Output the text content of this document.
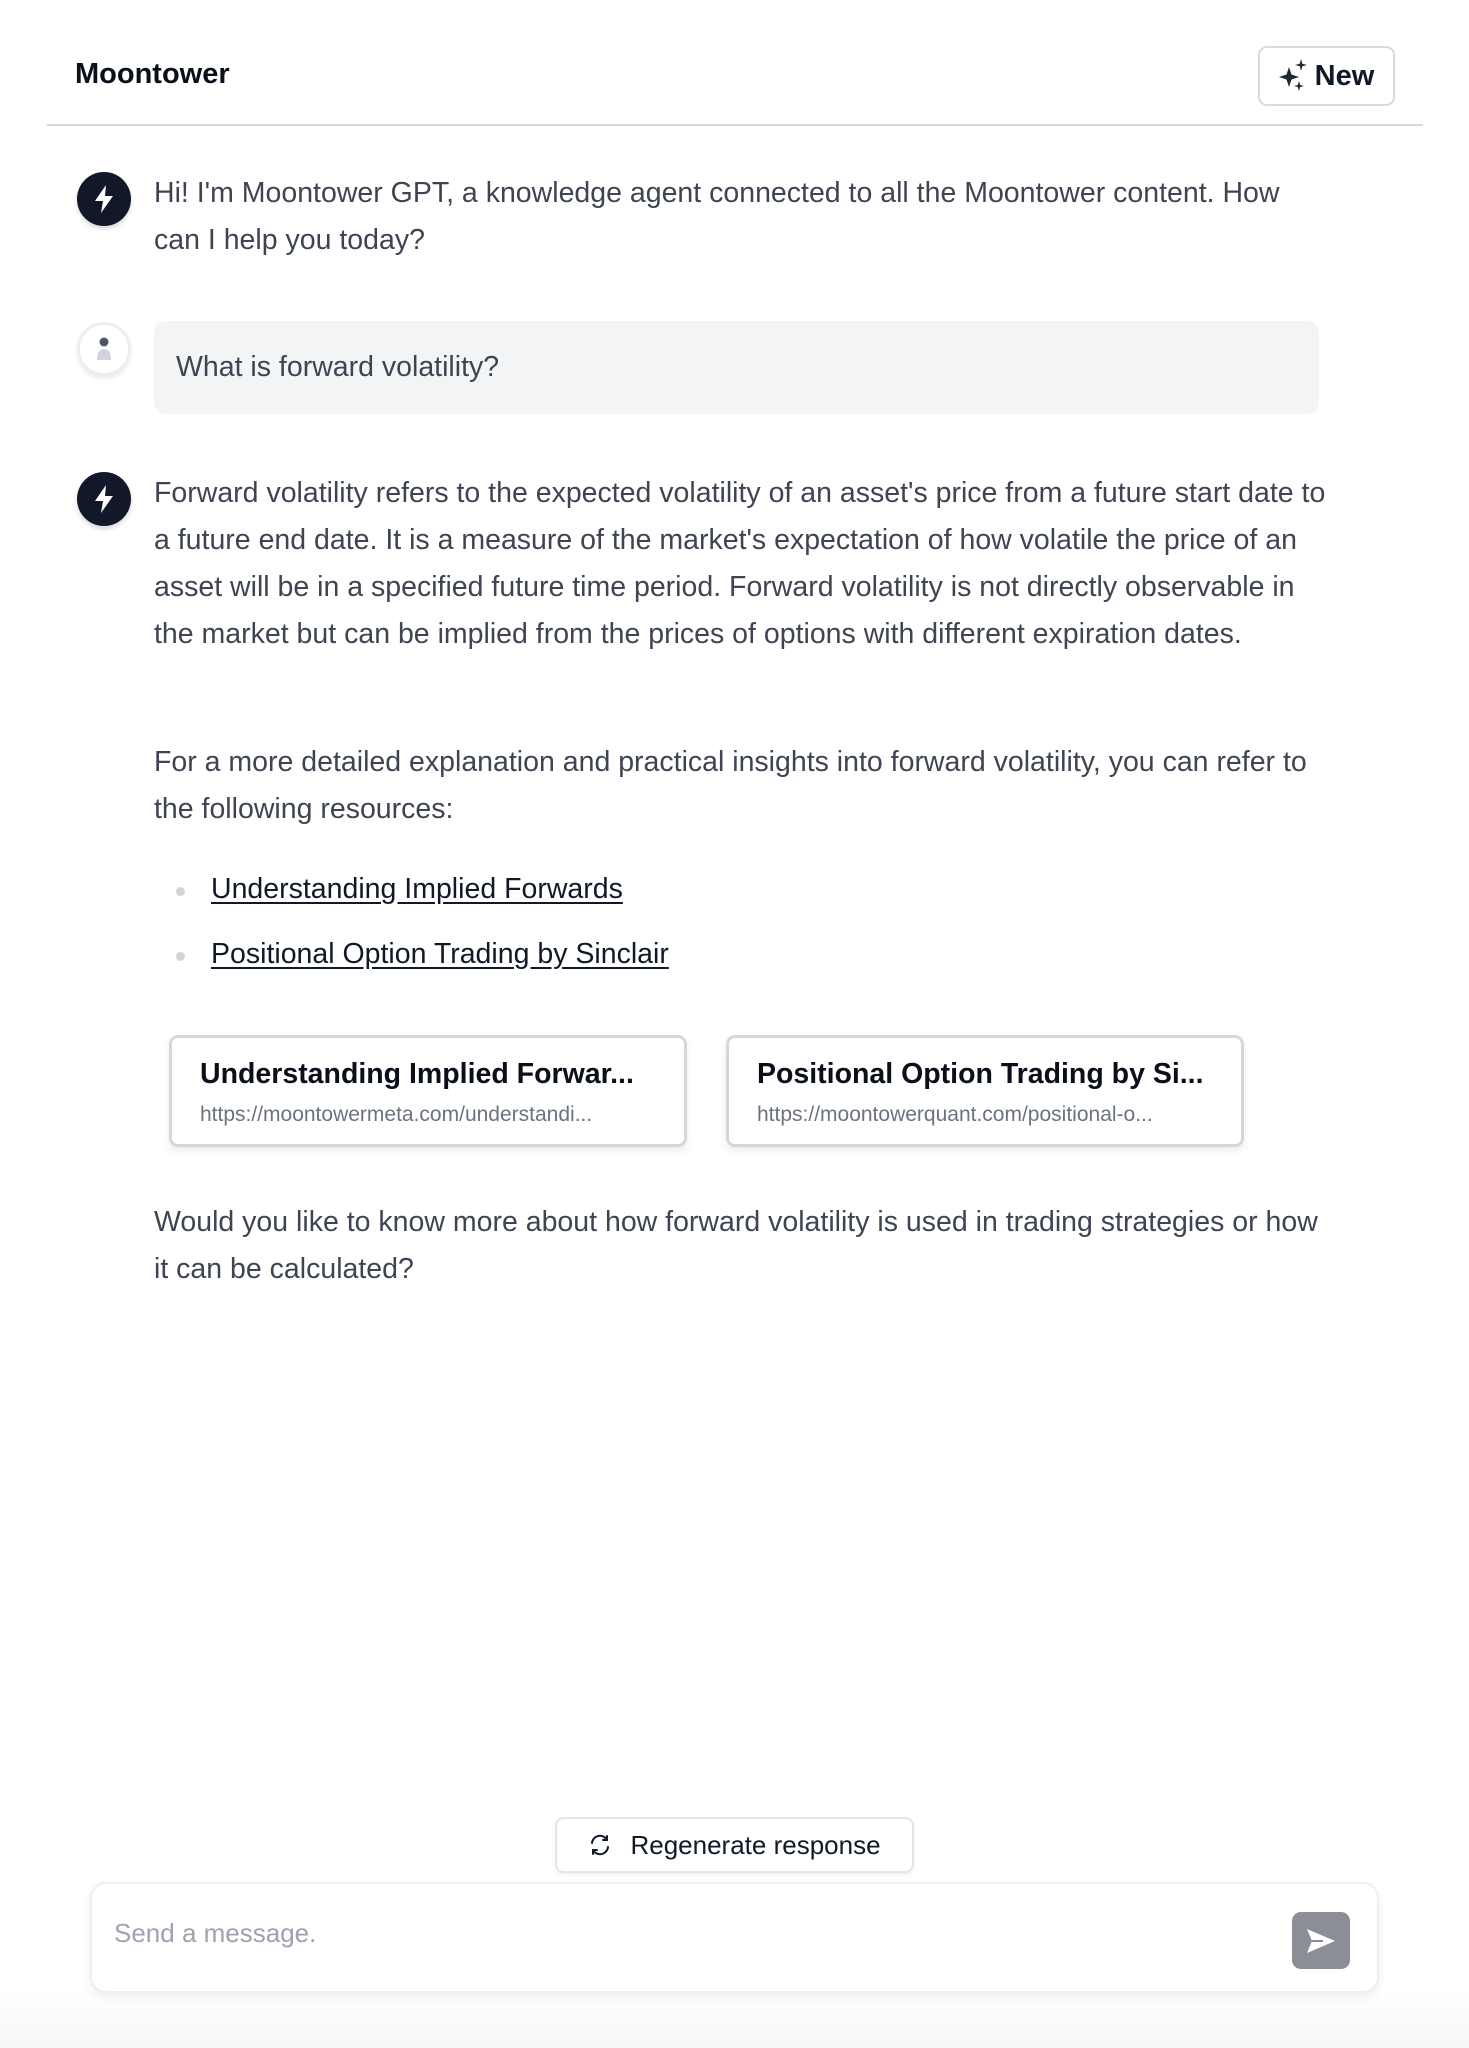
Moontower	New
Hi! I'm Moontower GPT, a knowledge agent connected to all the Moontower content. How can I help you today?
What is forward volatility?
Forward volatility refers to the expected volatility of an asset's price from a future start date to a future end date. It is a measure of the market's expectation of how volatile the price of an asset will be in a specified future time period. Forward volatility is not directly observable in the market but can be implied from the prices of options with different expiration dates.
For a more detailed explanation and practical insights into forward volatility, you can refer to the following resources:
Understanding Implied Forwards
Positional Option Trading by Sinclair
Understanding Implied Forwar...
https://moontowermeta.com/understandi...
Positional Option Trading by Si...
https://moontowerquant.com/positional-o...
Would you like to know more about how forward volatility is used in trading strategies or how it can be calculated?
Regenerate response
Send a message.
